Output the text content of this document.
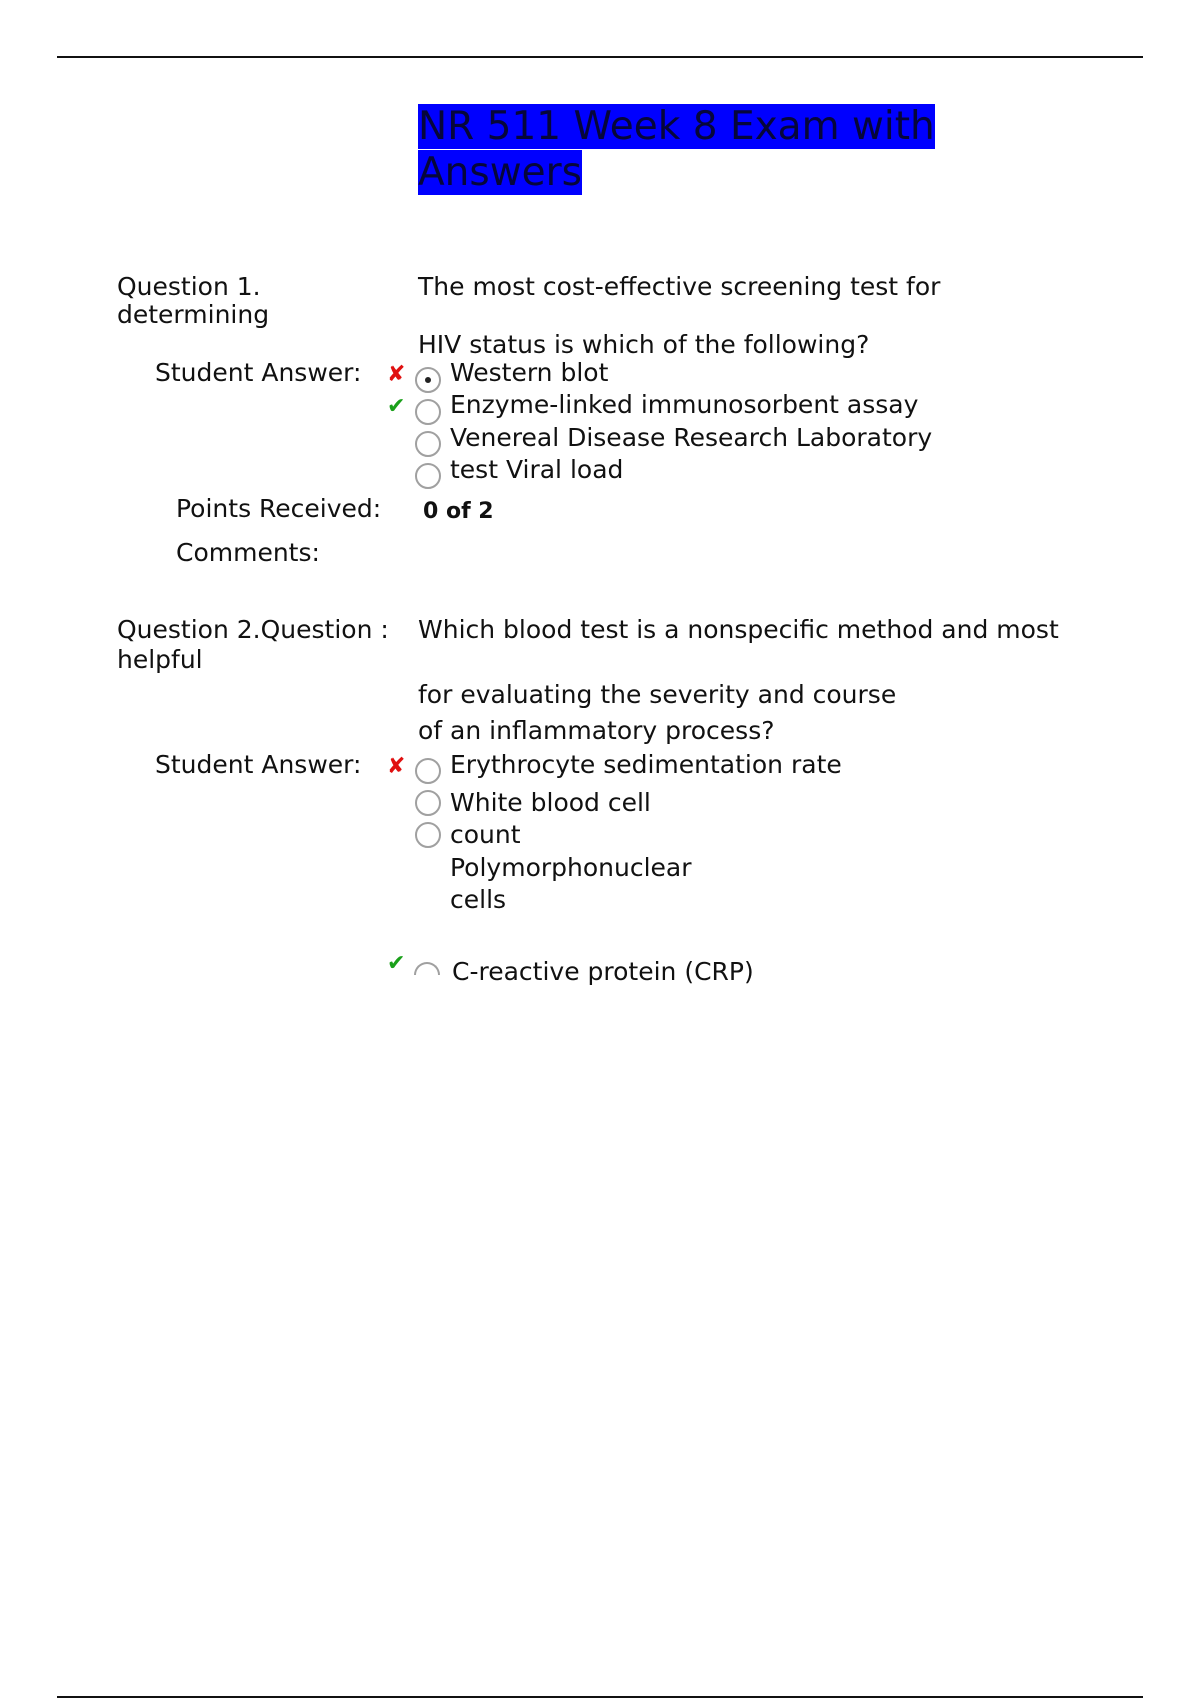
NR 511 Week 8 Exam with
Answers
Question 1.
determining
The most cost-effective screening test for
HIV status is which of the following?
Student Answer: ✘
✔
Western blot
Enzyme-linked immunosorbent assay
Venereal Disease Research Laboratory
test Viral load
Points Received: 0 of 2
Comments:
Question 2.Question :
helpful
Which blood test is a nonspecific method and most
for evaluating the severity and course
of an inflammatory process?
Student Answer: ✘ Erythrocyte sedimentation rate
White blood cell
count
Polymorphonuclear
cells
✔ C-reactive protein (CRP)
